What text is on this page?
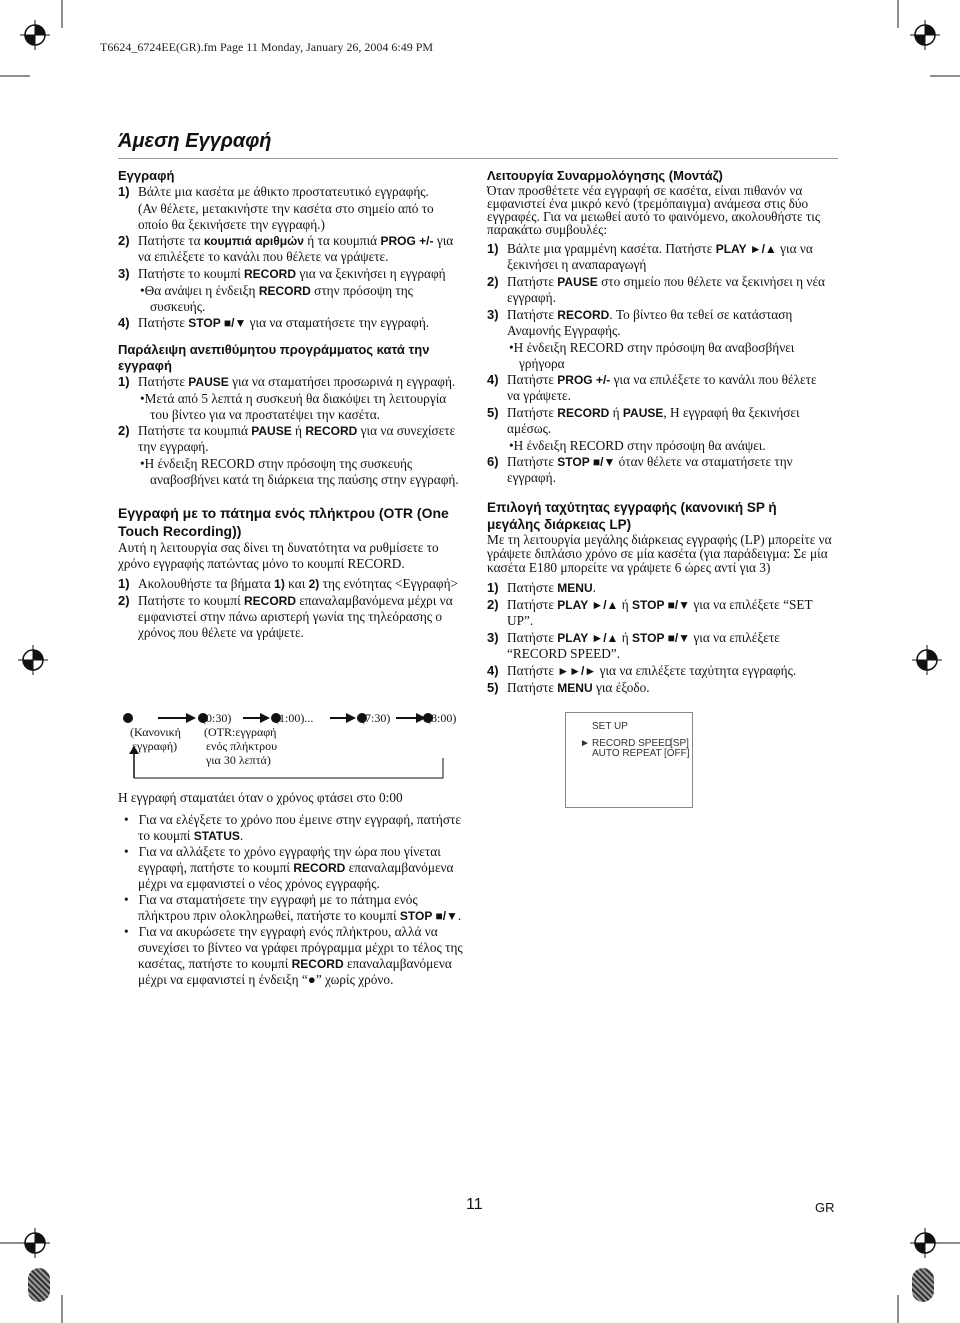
T6624_6724EE(GR).fm Page 11 Monday, January 26, 2004 6:49 PM
Άμεση Εγγραφή

Εγγραφή

1) Βάλτε μια κασέτα με άθικτο προστατευτικό εγγραφής.

(Αν θέλετε, μετακινήστε την κασέτα στο σημείο από το οποίο θα ξεκινήσετε την εγγραφή.)

2) Πατήστε τα κουμπιά αριθμών ή τα κουμπιά PROG +/- για να επιλέξετε το κανάλι που θέλετε να γράψετε.
3) Πατήστε το κουμπί RECORD για να ξεκινήσει η εγγραφή

•Θα ανάψει η ένδειξη RECORD στην πρόσοψη της συσκευής.

4) Πατήστε STOP ■/▼ για να σταματήσετε την εγγραφή.

Παράλειψη ανεπιθύμητου προγράμματος κατά την εγγραφή

1) Πατήστε PAUSE για να σταματήσει προσωρινά η εγγραφή.

•Μετά από 5 λεπτά η συσκευή θα διακόψει τη λειτουργία του βίντεο για να προστατέψει την κασέτα.

2) Πατήστε τα κουμπιά PAUSE ή RECORD για να συνεχίσετε την εγγραφή.

•Η ένδειξη RECORD στην πρόσοψη της συσκευής αναβοσβήνει κατά τη διάρκεια της παύσης στην εγγραφή.

Εγγραφή με το πάτημα ενός πλήκτρου (OTR (One Touch Recording))

Αυτή η λειτουργία σας δίνει τη δυνατότητα να ρυθμίσετε το χρόνο εγγραφής πατώντας μόνο το κουμπί RECORD.

1) Ακολουθήστε τα βήματα 1) και 2) της ενότητας <Εγγραφή>
2) Πατήστε το κουμπί RECORD επαναλαμβανόμενα μέχρι να εμφανιστεί στην πάνω αριστερή γωνία της τηλεόρασης ο χρόνος που θέλετε να γράψετε.
(0:30)	(1:00)...	(7:30)	(8:00)
(Κανονική
εγγραφή)
(OTR:εγγραφή
ενός πλήκτρου
για 30 λεπτά)

Η εγγραφή σταματάει όταν ο χρόνος φτάσει στο 0:00

•   Για να ελέγξετε το χρόνο που έμεινε στην εγγραφή, πατήστε το κουμπί STATUS.

•   Για να αλλάξετε το χρόνο εγγραφής την ώρα που γίνεται εγγραφή, πατήστε το κουμπί RECORD επαναλαμβανόμενα μέχρι να εμφανιστεί ο νέος χρόνος εγγραφής.

•   Για να σταματήσετε την εγγραφή με το πάτημα ενός πλήκτρου πριν ολοκληρωθεί, πατήστε το κουμπί STOP ■/▼.

•   Για να ακυρώσετε την εγγραφή ενός πλήκτρου, αλλά να συνεχίσει το βίντεο να γράφει πρόγραμμα μέχρι το τέλος της κασέτας, πατήστε το κουμπί RECORD επαναλαμβανόμενα μέχρι να εμφανιστεί η ένδειξη “●” χωρίς χρόνο.

Λειτουργία Συναρμολόγησης (Μοντάζ)

Όταν προσθέτετε νέα εγγραφή σε κασέτα, είναι πιθανόν να εμφανιστεί ένα μικρό κενό (τρεμόπαιγμα) ανάμεσα στις δύο εγγραφές. Για να μειωθεί αυτό το φαινόμενο, ακολουθήστε τις παρακάτω συμβουλές:

1) Βάλτε μια γραμμένη κασέτα. Πατήστε PLAY ►/▲ για να ξεκινήσει η αναπαραγωγή
2) Πατήστε PAUSE στο σημείο που θέλετε να ξεκινήσει η νέα εγγραφή.
3) Πατήστε RECORD. Το βίντεο θα τεθεί σε κατάσταση Αναμονής Εγγραφής.

•Η ένδειξη RECORD στην πρόσοψη θα αναβοσβήνει γρήγορα

4) Πατήστε PROG +/- για να επιλέξετε το κανάλι που θέλετε να γράψετε.
5) Πατήστε RECORD ή PAUSE, Η εγγραφή θα ξεκινήσει αμέσως.

•Η ένδειξη RECORD στην πρόσοψη θα ανάψει.

6) Πατήστε STOP ■/▼ όταν θέλετε να σταματήσετε την εγγραφή.

Επιλογή ταχύτητας εγγραφής (κανονική SP ή μεγάλης διάρκειας LP)

Με τη λειτουργία μεγάλης διάρκειας εγγραφής (LP) μπορείτε να γράψετε διπλάσιο χρόνο σε μία κασέτα (για παράδειγμα: Σε μία κασέτα E180 μπορείτε να γράψετε 6 ώρες αντί για 3)

1) Πατήστε MENU.
2) Πατήστε PLAY ►/▲ ή STOP ■/▼ για να επιλέξετε “SET UP”.
3) Πατήστε PLAY ►/▲ ή STOP ■/▼ για να επιλέξετε “RECORD SPEED”.
4) Πατήστε ►►/► για να επιλέξετε ταχύτητα εγγραφής.
5) Πατήστε MENU για έξοδο.
SET UP
► RECORD SPEED
[SP]
AUTO REPEAT [OFF]
11	GR
